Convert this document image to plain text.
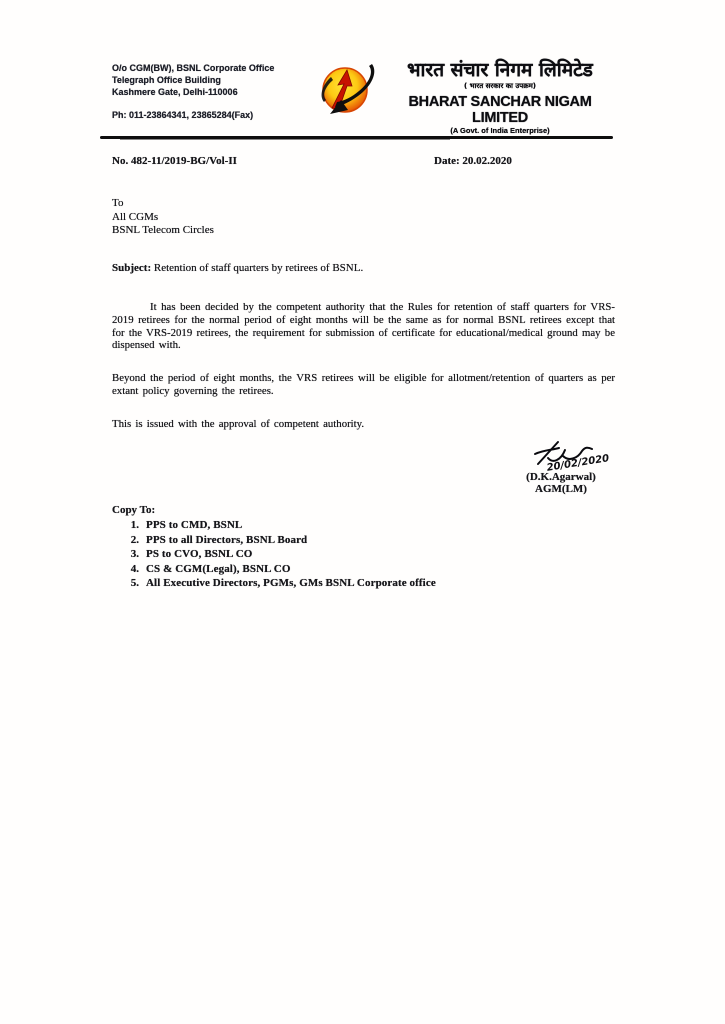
O/o CGM(BW), BSNL Corporate Office
Telegraph Office Building
Kashmere Gate, Delhi-110006
Ph: 011-23864341, 23865284(Fax)
भारत संचार निगम लिमिटेड
( भारत सरकार का उपक्रम)
BHARAT SANCHAR NIGAM LIMITED
(A Govt. of India Enterprise)
No. 482-11/2019-BG/Vol-II	Date: 20.02.2020
To
All CGMs
BSNL Telecom Circles
Subject: Retention of staff quarters by retirees of BSNL.
It has been decided by the competent authority that the Rules for retention of staff quarters for VRS-2019 retirees for the normal period of eight months will be the same as for normal BSNL retirees except that for the VRS-2019 retirees, the requirement for submission of certificate for educational/medical ground may be dispensed with.
Beyond the period of eight months, the VRS retirees will be eligible for allotment/retention of quarters as per extant policy governing the retirees.
This is issued with the approval of competent authority.
20/02/2020
(D.K.Agarwal)
AGM(LM)
Copy To:
1. PPS to CMD, BSNL
2. PPS to all Directors, BSNL Board
3. PS to CVO, BSNL CO
4. CS & CGM(Legal), BSNL CO
5. All Executive Directors, PGMs, GMs BSNL Corporate office
